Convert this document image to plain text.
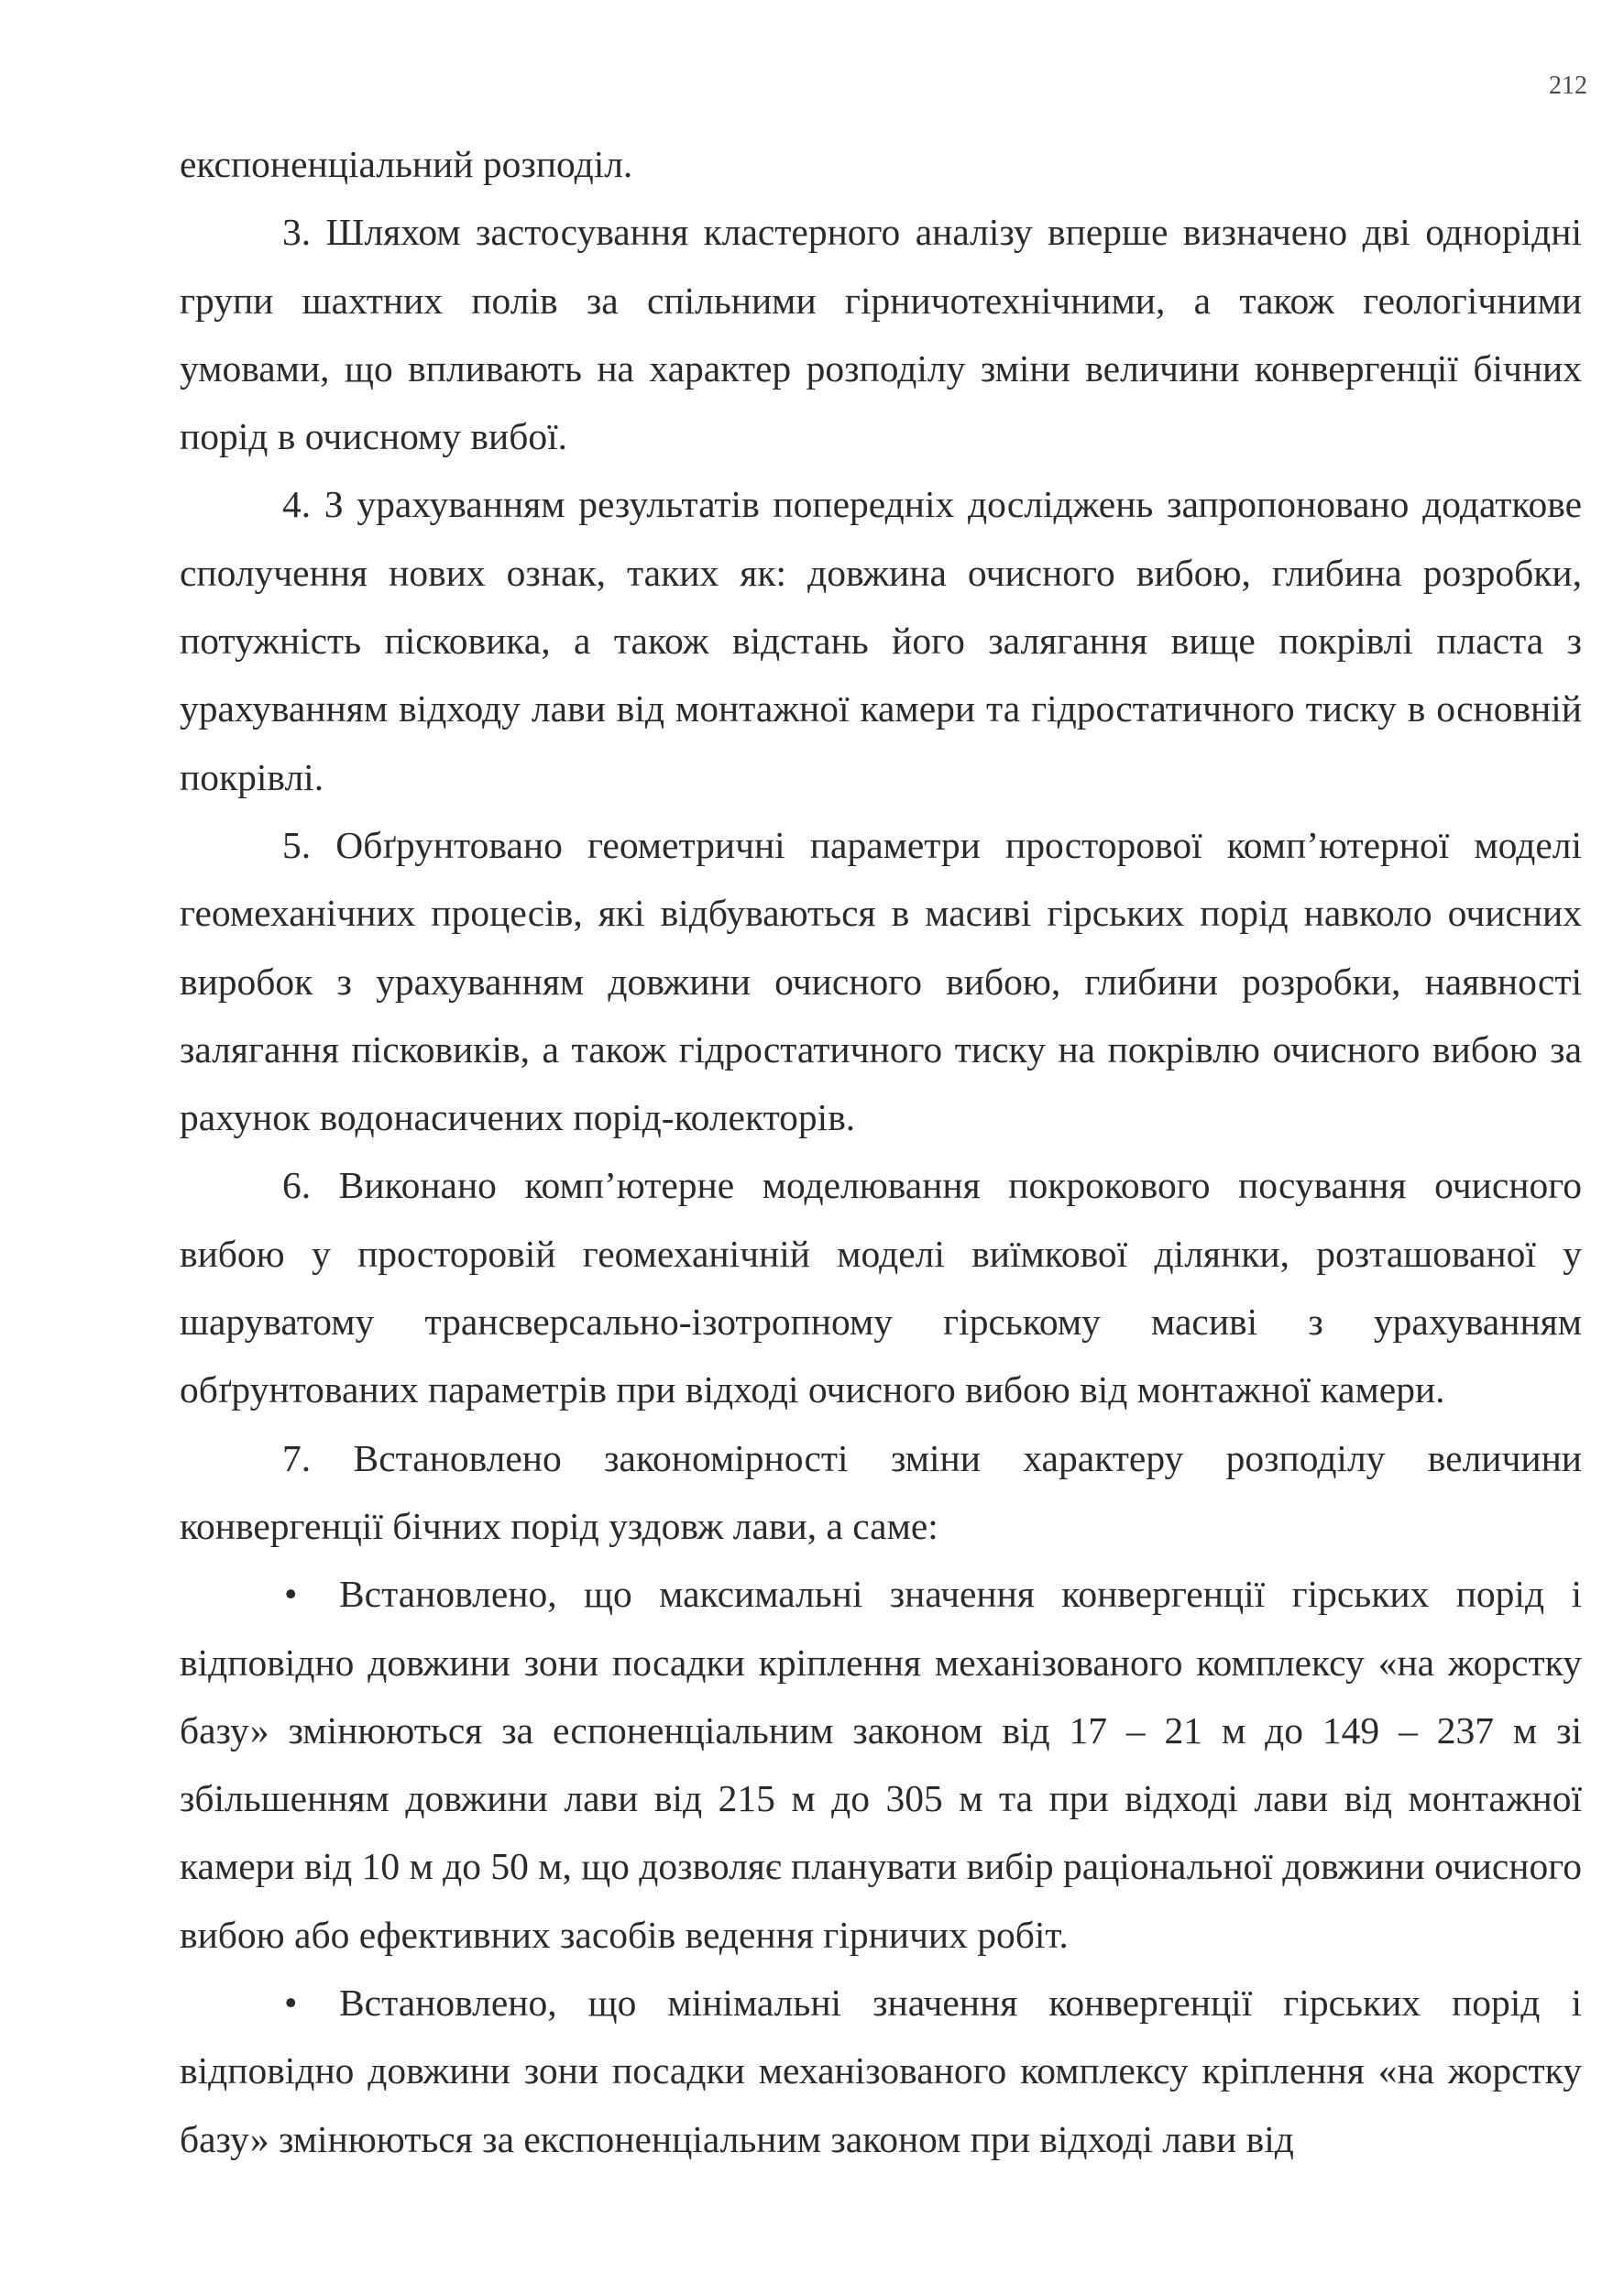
212

експоненціальний розподіл.

3. Шляхом застосування кластерного аналізу вперше визначено дві однорідні групи шахтних полів за спільними гірничотехнічними, а також геологічними умовами, що впливають на характер розподілу зміни величини конвергенції бічних порід в очисному вибої.

4. З урахуванням результатів попередніх досліджень запропоновано додаткове сполучення нових ознак, таких як: довжина очисного вибою, глибина розробки, потужність пісковика, а також відстань його залягання вище покрівлі пласта з урахуванням відходу лави від монтажної камери та гідростатичного тиску в основній покрівлі.

5. Обґрунтовано геометричні параметри просторової комп’ютерної моделі геомеханічних процесів, які відбуваються в масиві гірських порід навколо очисних виробок з урахуванням довжини очисного вибою, глибини розробки, наявності залягання пісковиків, а також гідростатичного тиску на покрівлю очисного вибою за рахунок водонасичених порід-колекторів.

6. Виконано комп’ютерне моделювання покрокового посування очисного вибою у просторовій геомеханічній моделі виїмкової ділянки, розташованої у шаруватому трансверсально-ізотропному гірському масиві з урахуванням обґрунтованих параметрів при відході очисного вибою від монтажної камери.

7. Встановлено закономірності зміни характеру розподілу величини конвергенції бічних порід уздовж лави, а саме:

• Встановлено, що максимальні значення конвергенції гірських порід і відповідно довжини зони посадки кріплення механізованого комплексу «на жорстку базу» змінюються за еспоненціальним законом від 17 – 21 м до 149 – 237 м зі збільшенням довжини лави від 215 м до 305 м та при відході лави від монтажної камери від 10 м до 50 м, що дозволяє планувати вибір раціональної довжини очисного вибою або ефективних засобів ведення гірничих робіт.

• Встановлено, що мінімальні значення конвергенції гірських порід і відповідно довжини зони посадки механізованого комплексу кріплення «на жорстку базу» змінюються за експоненціальним законом при відході лави від
